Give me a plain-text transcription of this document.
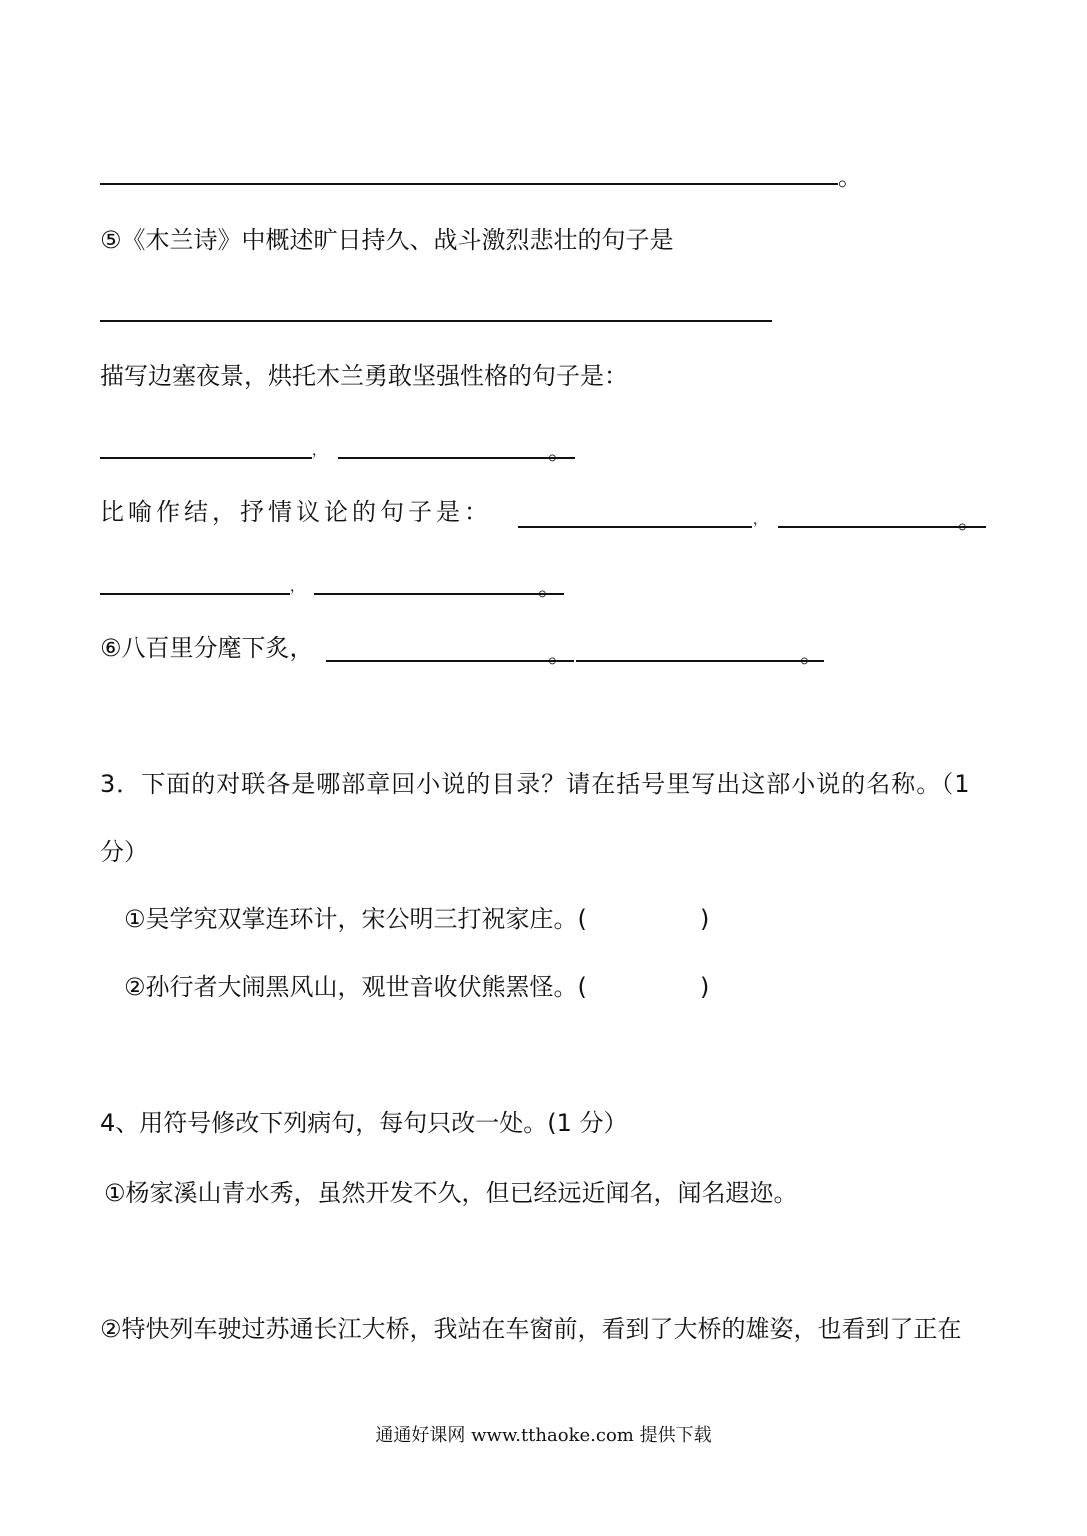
。
⑤《木兰诗》中概述旷日持久、战斗激烈悲壮的句子是
描写边塞夜景，烘托木兰勇敢坚强性格的句子是：
，	。
比喻作结，抒情议论的句子是：	，	。
，	。
⑥八百里分麾下炙，	。	。
3．下面的对联各是哪部章回小说的目录？请在括号里写出这部小说的名称。（1
分）
①吴学究双掌连环计，宋公明三打祝家庄。(	)
②孙行者大闹黑风山，观世音收伏熊罴怪。(	)
4、用符号修改下列病句，每句只改一处。(1 分）
①杨家溪山青水秀，虽然开发不久，但已经远近闻名，闻名遐迩。
②特快列车驶过苏通长江大桥，我站在车窗前，看到了大桥的雄姿，也看到了正在
通通好课网 www.tthaoke.com 提供下载
